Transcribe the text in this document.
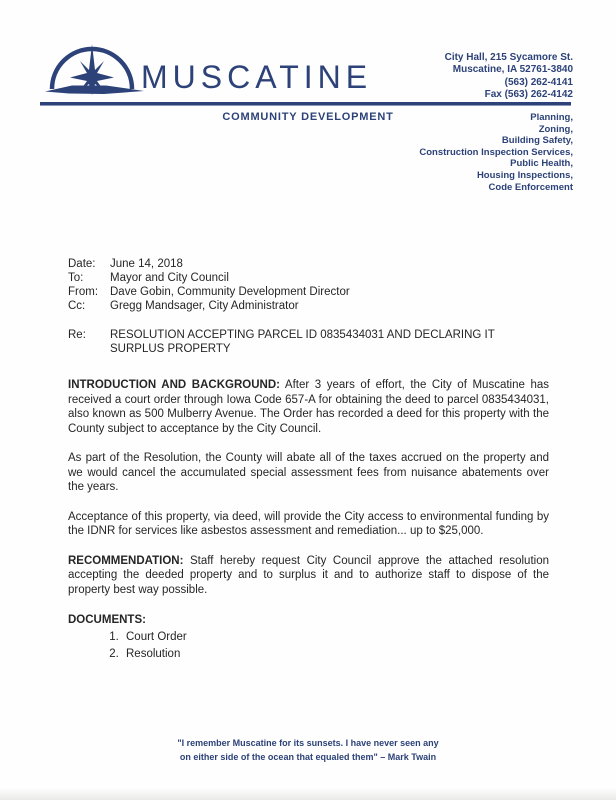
MUSCATINE
City Hall, 215 Sycamore St.
Muscatine, IA 52761-3840
(563) 262-4141
Fax (563) 262-4142
COMMUNITY DEVELOPMENT	Planning,
Zoning,
Building Safety,
Construction Inspection Services,
Public Health,
Housing Inspections,
Code Enforcement
Date:	June 14, 2018
To:	Mayor and City Council
From:	Dave Gobin, Community Development Director
Cc:	Gregg Mandsager, City Administrator
Re:	RESOLUTION ACCEPTING PARCEL ID 0835434031 AND DECLARING IT SURPLUS PROPERTY

INTRODUCTION AND BACKGROUND: After 3 years of effort, the City of Muscatine has received a court order through Iowa Code 657-A for obtaining the deed to parcel 0835434031, also known as 500 Mulberry Avenue. The Order has recorded a deed for this property with the County subject to acceptance by the City Council.

As part of the Resolution, the County will abate all of the taxes accrued on the property and we would cancel the accumulated special assessment fees from nuisance abatements over the years.

Acceptance of this property, via deed, will provide the City access to environmental funding by the IDNR for services like asbestos assessment and remediation... up to $25,000.

RECOMMENDATION: Staff hereby request City Council approve the attached resolution accepting the deeded property and to surplus it and to authorize staff to dispose of the property best way possible.

DOCUMENTS:
1. Court Order
2. Resolution
"I remember Muscatine for its sunsets. I have never seen any
on either side of the ocean that equaled them" – Mark Twain
